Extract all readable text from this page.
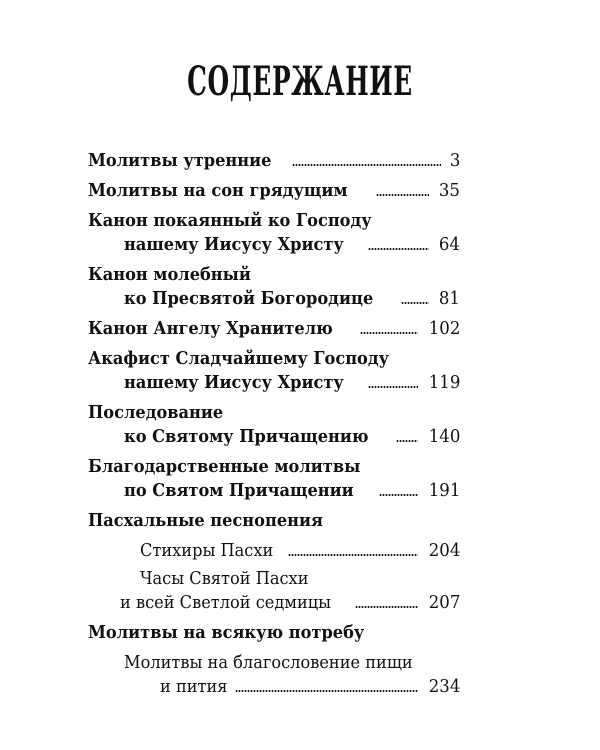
СОДЕРЖАНИЕ
Молитвы утренние	3
Молитвы на сон грядущим	35
Канон покаянный ко Господу
нашему Иисусу Христу	64
Канон молебный
ко Пресвятой Богородице	81
Канон Ангелу Хранителю	102
Акафист Сладчайшему Господу
нашему Иисусу Христу	119
Последование
ко Святому Причащению	140
Благодарственные молитвы
по Святом Причащении	191
Пасхальные песнопения
Стихиры Пасхи	204
Часы Святой Пасхи
и всей Светлой седмицы	207
Молитвы на всякую потребу
Молитвы на благословение пищи
и пития	234
